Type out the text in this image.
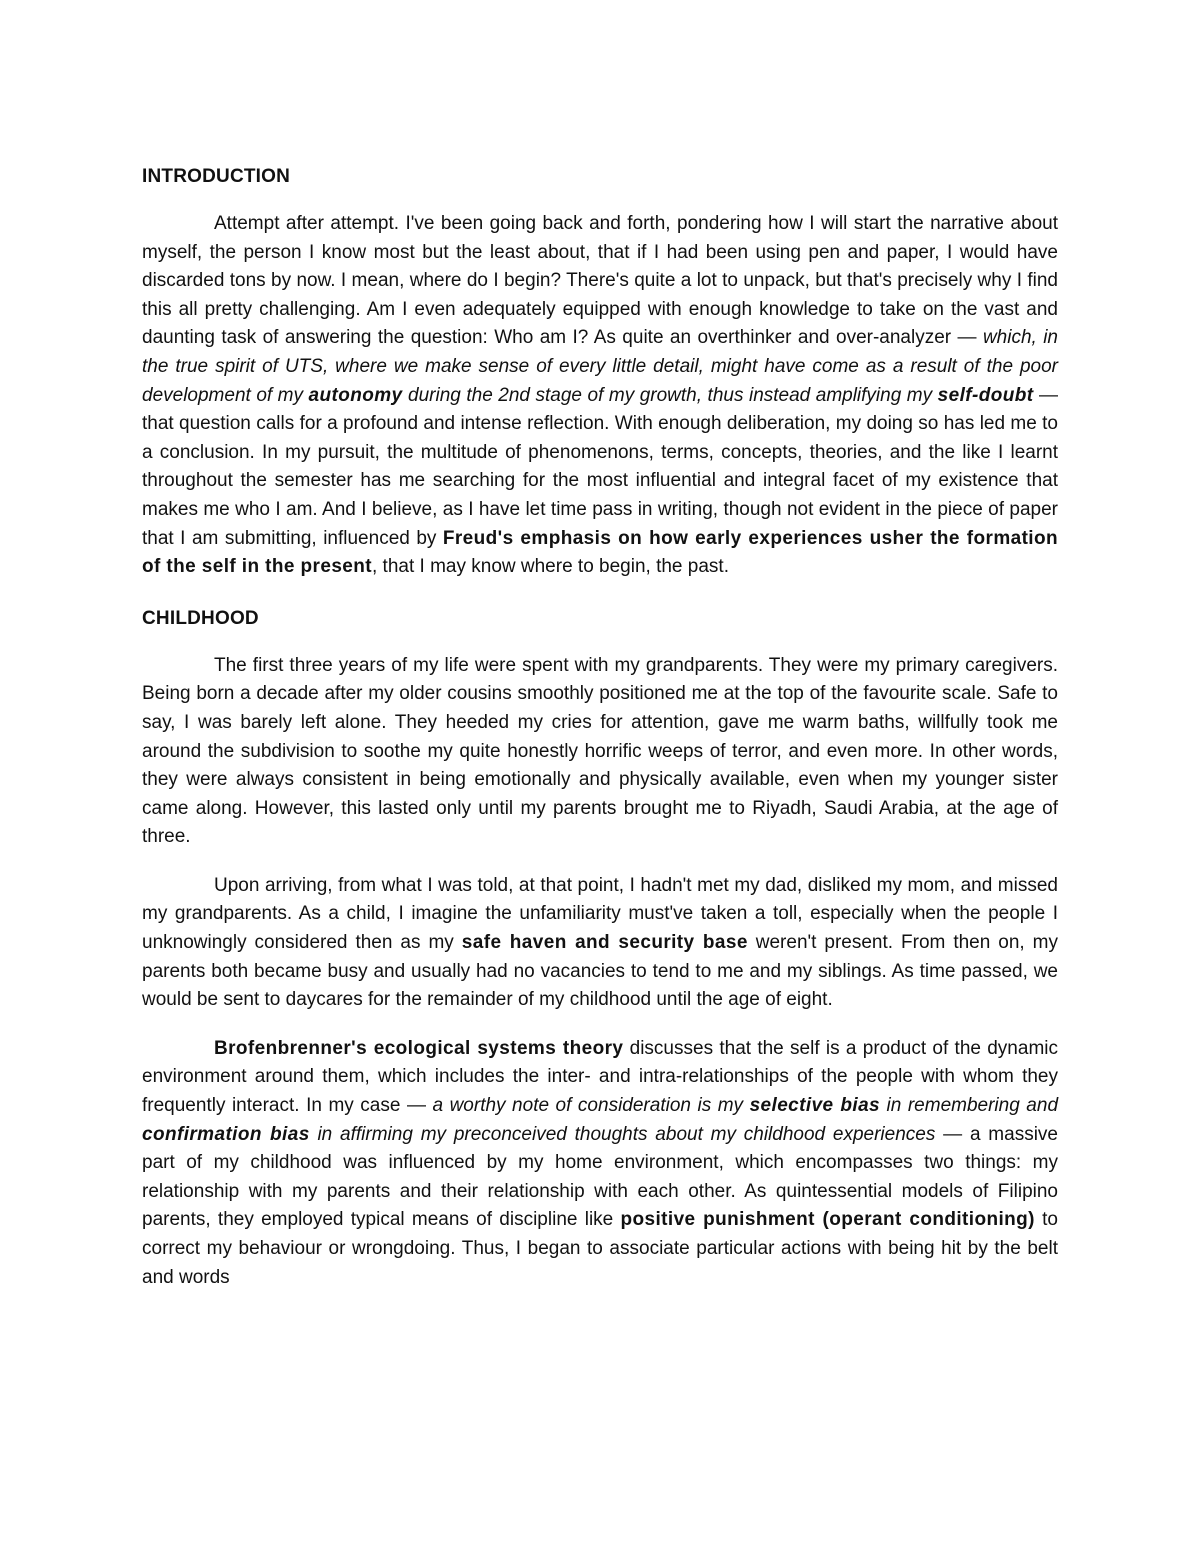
INTRODUCTION

Attempt after attempt. I've been going back and forth, pondering how I will start the narrative about myself, the person I know most but the least about, that if I had been using pen and paper, I would have discarded tons by now. I mean, where do I begin? There's quite a lot to unpack, but that's precisely why I find this all pretty challenging. Am I even adequately equipped with enough knowledge to take on the vast and daunting task of answering the question: Who am I? As quite an overthinker and over-analyzer — which, in the true spirit of UTS, where we make sense of every little detail, might have come as a result of the poor development of my autonomy during the 2nd stage of my growth, thus instead amplifying my self-doubt — that question calls for a profound and intense reflection. With enough deliberation, my doing so has led me to a conclusion. In my pursuit, the multitude of phenomenons, terms, concepts, theories, and the like I learnt throughout the semester has me searching for the most influential and integral facet of my existence that makes me who I am. And I believe, as I have let time pass in writing, though not evident in the piece of paper that I am submitting, influenced by Freud's emphasis on how early experiences usher the formation of the self in the present, that I may know where to begin, the past.

CHILDHOOD

The first three years of my life were spent with my grandparents. They were my primary caregivers. Being born a decade after my older cousins smoothly positioned me at the top of the favourite scale. Safe to say, I was barely left alone. They heeded my cries for attention, gave me warm baths, willfully took me around the subdivision to soothe my quite honestly horrific weeps of terror, and even more. In other words, they were always consistent in being emotionally and physically available, even when my younger sister came along. However, this lasted only until my parents brought me to Riyadh, Saudi Arabia, at the age of three.

Upon arriving, from what I was told, at that point, I hadn't met my dad, disliked my mom, and missed my grandparents. As a child, I imagine the unfamiliarity must've taken a toll, especially when the people I unknowingly considered then as my safe haven and security base weren't present. From then on, my parents both became busy and usually had no vacancies to tend to me and my siblings. As time passed, we would be sent to daycares for the remainder of my childhood until the age of eight.

Brofenbrenner's ecological systems theory discusses that the self is a product of the dynamic environment around them, which includes the inter- and intra-relationships of the people with whom they frequently interact. In my case — a worthy note of consideration is my selective bias in remembering and confirmation bias in affirming my preconceived thoughts about my childhood experiences — a massive part of my childhood was influenced by my home environment, which encompasses two things: my relationship with my parents and their relationship with each other. As quintessential models of Filipino parents, they employed typical means of discipline like positive punishment (operant conditioning) to correct my behaviour or wrongdoing. Thus, I began to associate particular actions with being hit by the belt and words
